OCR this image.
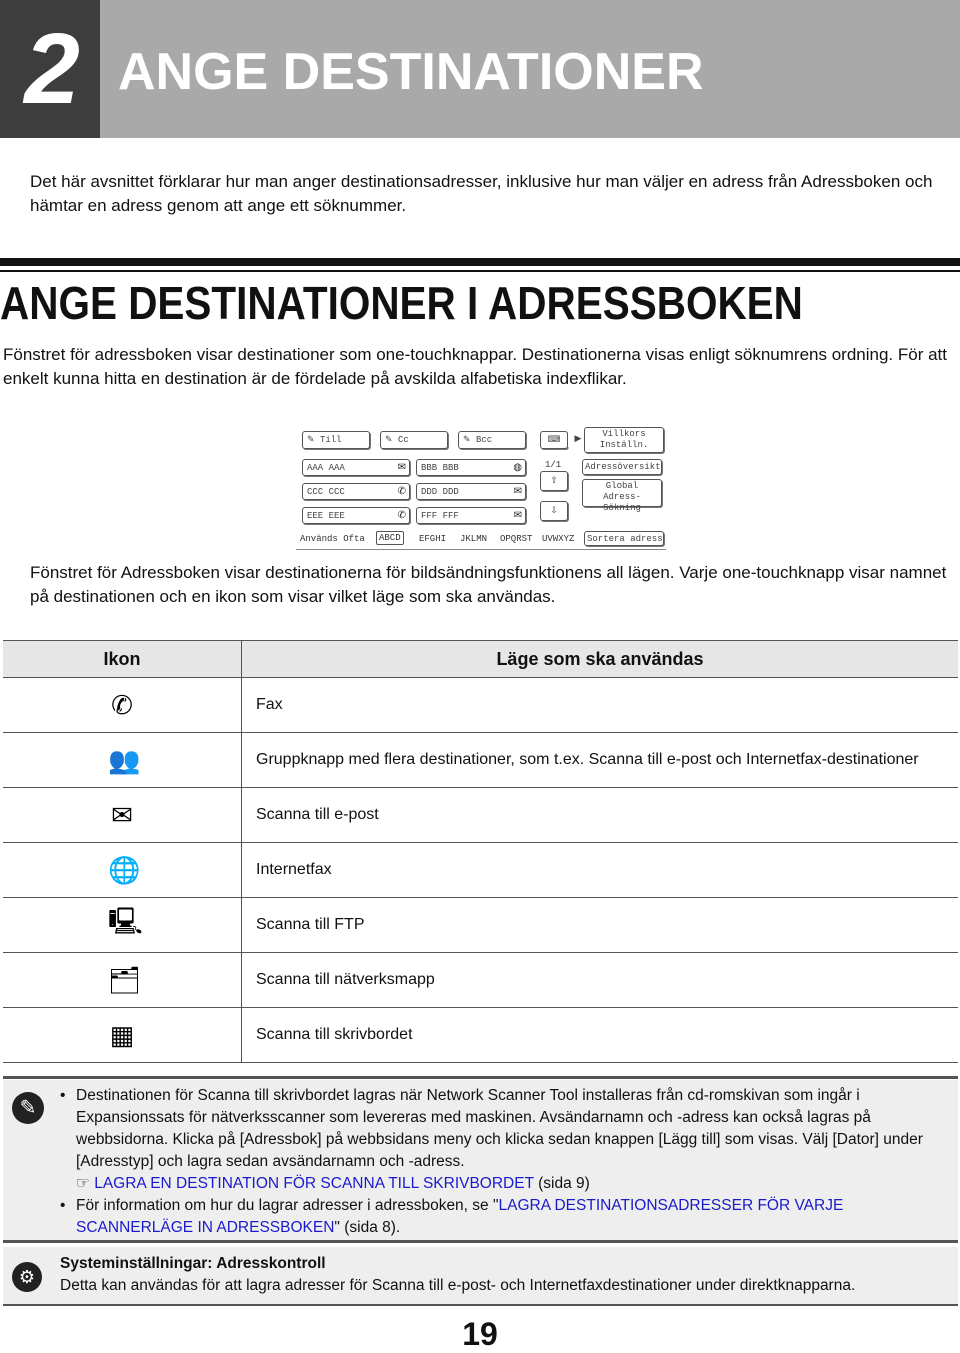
2 ANGE DESTINATIONER
Det här avsnittet förklarar hur man anger destinationsadresser, inklusive hur man väljer en adress från Adressboken och hämtar en adress genom att ange ett söknummer.
ANGE DESTINATIONER I ADRESSBOKEN
Fönstret för adressboken visar destinationer som one-touchknappar. Destinationerna visas enligt söknumrens ordning. För att enkelt kunna hitta en destination är de fördelade på avskilda alfabetiska indexflikar.
✎ Till	✎ Cc	✎ Bcc	⌨	▶	Villkors
Inställn.
AAA AAA	✉	BBB BBB	◍
CCC CCC	✆	DDD DDD	✉
EEE EEE	✆	FFF FFF	✉
1/1
⇧
⇩
Adressöversikt
Global Adress-
Sökning
Används Ofta	ABCD	EFGHI JKLMN OPQRST UVWXYZ	Sortera adress
Fönstret för Adressboken visar destinationerna för bildsändningsfunktionens all lägen. Varje one-touchknapp visar namnet på destinationen och en ikon som visar vilket läge som ska användas.
Ikon	Läge som ska användas
✆	Fax
👥	Gruppknapp med flera destinationer, som t.ex. Scanna till e-post och Internetfax-destinationer
✉	Scanna till e-post
🌐	Internetfax
🖳	Scanna till FTP
🗂	Scanna till nätverksmapp
▦	Scanna till skrivbordet
✎
• Destinationen för Scanna till skrivbordet lagras när Network Scanner Tool installeras från cd-romskivan som ingår i Expansionssats för nätverksscanner som levereras med maskinen. Avsändarnamn och -adress kan också lagras på webbsidorna. Klicka på [Adressbok] på webbsidans meny och klicka sedan knappen [Lägg till] som visas. Välj [Dator] under [Adresstyp] och lagra sedan avsändarnamn och -adress.
☞ LAGRA EN DESTINATION FÖR SCANNA TILL SKRIVBORDET (sida 9)
• För information om hur du lagrar adresser i adressboken, se "LAGRA DESTINATIONSADRESSER FÖR VARJE SCANNERLÄGE IN ADRESSBOKEN" (sida 8).
⚙
Systeminställningar: Adresskontroll
Detta kan användas för att lagra adresser för Scanna till e-post- och Internetfaxdestinationer under direktknapparna.
19
